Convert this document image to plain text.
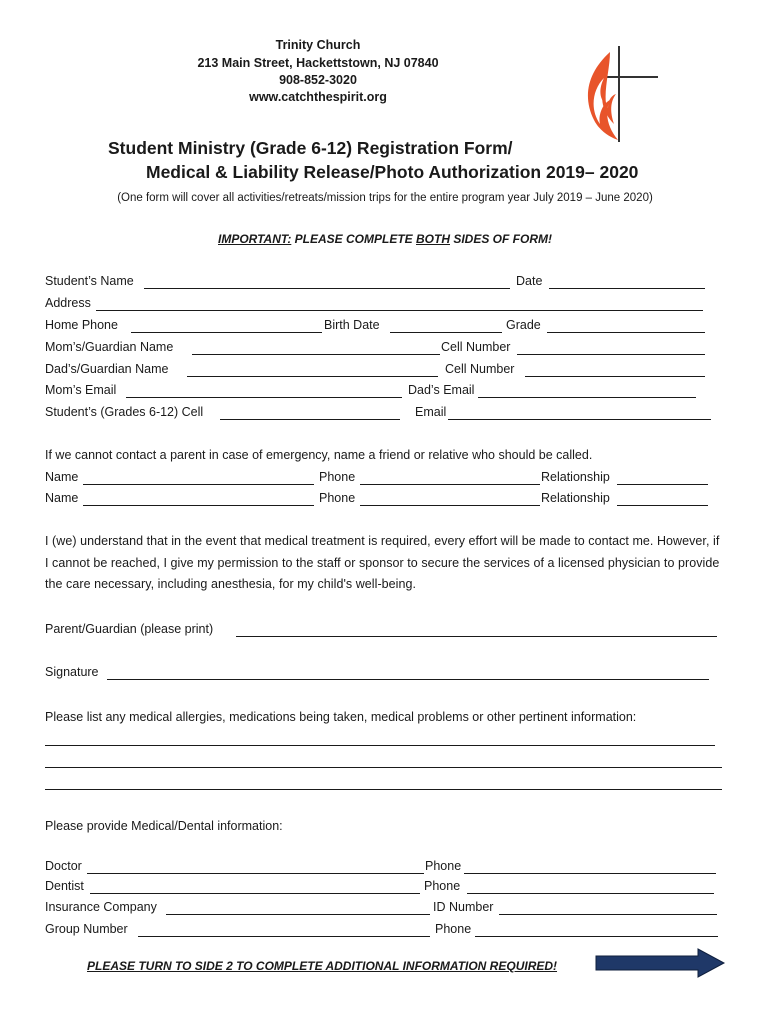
Trinity Church
213 Main Street, Hackettstown, NJ 07840
908-852-3020
www.catchthespirit.org
Student Ministry (Grade 6-12) Registration Form/
Medical & Liability Release/Photo Authorization 2019– 2020
(One form will cover all activities/retreats/mission trips for the entire program year July 2019 – June 2020)
IMPORTANT: PLEASE COMPLETE BOTH SIDES OF FORM!
Student’s Name	Date
Address
Home Phone	Birth Date	Grade
Mom’s/Guardian Name	Cell Number
Dad’s/Guardian Name	Cell Number
Mom’s Email	Dad’s Email
Student’s (Grades 6-12) Cell	Email
If we cannot contact a parent in case of emergency, name a friend or relative who should be called.
Name	Phone	Relationship
Name	Phone	Relationship
I (we) understand that in the event that medical treatment is required, every effort will be made to contact me. However, if I cannot be reached, I give my permission to the staff or sponsor to secure the services of a licensed physician to provide the care necessary, including anesthesia, for my child's well-being.
Parent/Guardian (please print)
Signature
Please list any medical allergies, medications being taken, medical problems or other pertinent information:
Please provide Medical/Dental information:
Doctor	Phone
Dentist	Phone
Insurance Company	ID Number
Group Number	Phone
PLEASE TURN TO SIDE 2 TO COMPLETE ADDITIONAL INFORMATION REQUIRED!
